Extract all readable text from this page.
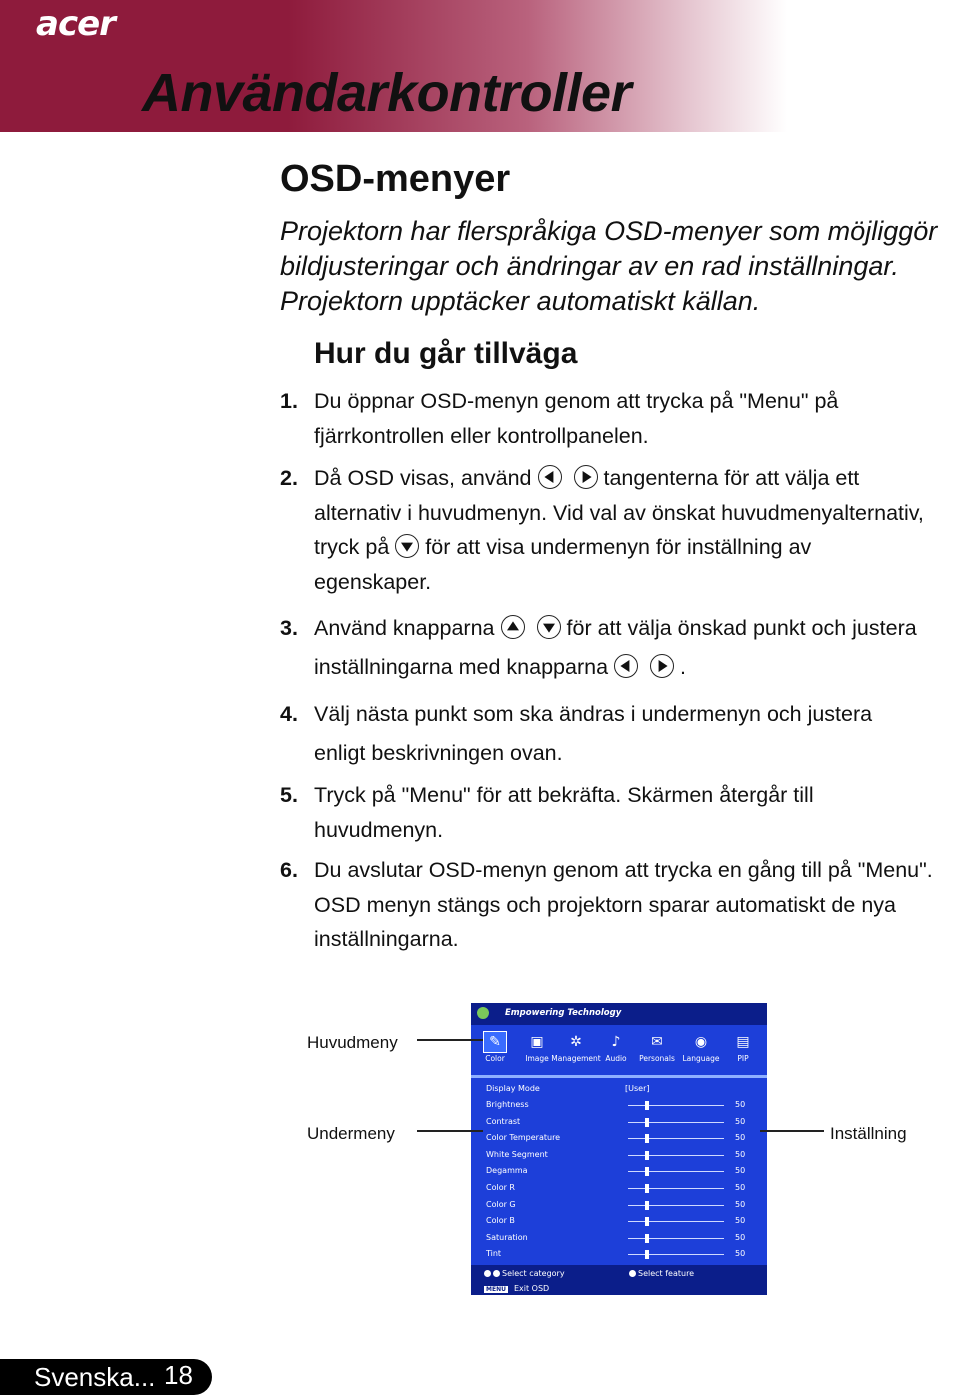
acer
Användarkontroller
OSD-menyer
Projektorn har flerspråkiga OSD-menyer som möjliggör
bildjusteringar och ändringar av en rad inställningar.
Projektorn upptäcker automatiskt källan.
Hur du går tillväga
1. Du öppnar OSD-menyn genom att trycka på "Menu" på
fjärrkontrollen eller kontrollpanelen.
2. Då OSD visas, använd	tangenterna för att välja ett
alternativ i huvudmenyn. Vid val av önskat huvudmenyalternativ,
tryck på för att visa undermenyn för inställning av
egenskaper.
3. Använd knapparna	för att välja önskad punkt och justera
inställningarna med knapparna	.
4. Välj nästa punkt som ska ändras i undermenyn och justera
enligt beskrivningen ovan.
5. Tryck på "Menu" för att bekräfta. Skärmen återgår till
huvudmenyn.
6. Du avslutar OSD-menyn genom att trycka en gång till på "Menu".
OSD menyn stängs och projektorn sparar automatiskt de nya
inställningarna.
Empowering Technology
✎
Color
▣
Image
✲
Management
♪
Audio
✉
Personals
◉
Language
▤
PIP
Display Mode	[User]
Brightness	50
Contrast	50
Color Temperature	50
White Segment	50
Degamma	50
Color R	50
Color G	50
Color B	50
Saturation	50
Tint	50
Select category	Select feature
MENU Exit OSD
Huvudmeny
Undermeny	Inställning
Svenska... 18
